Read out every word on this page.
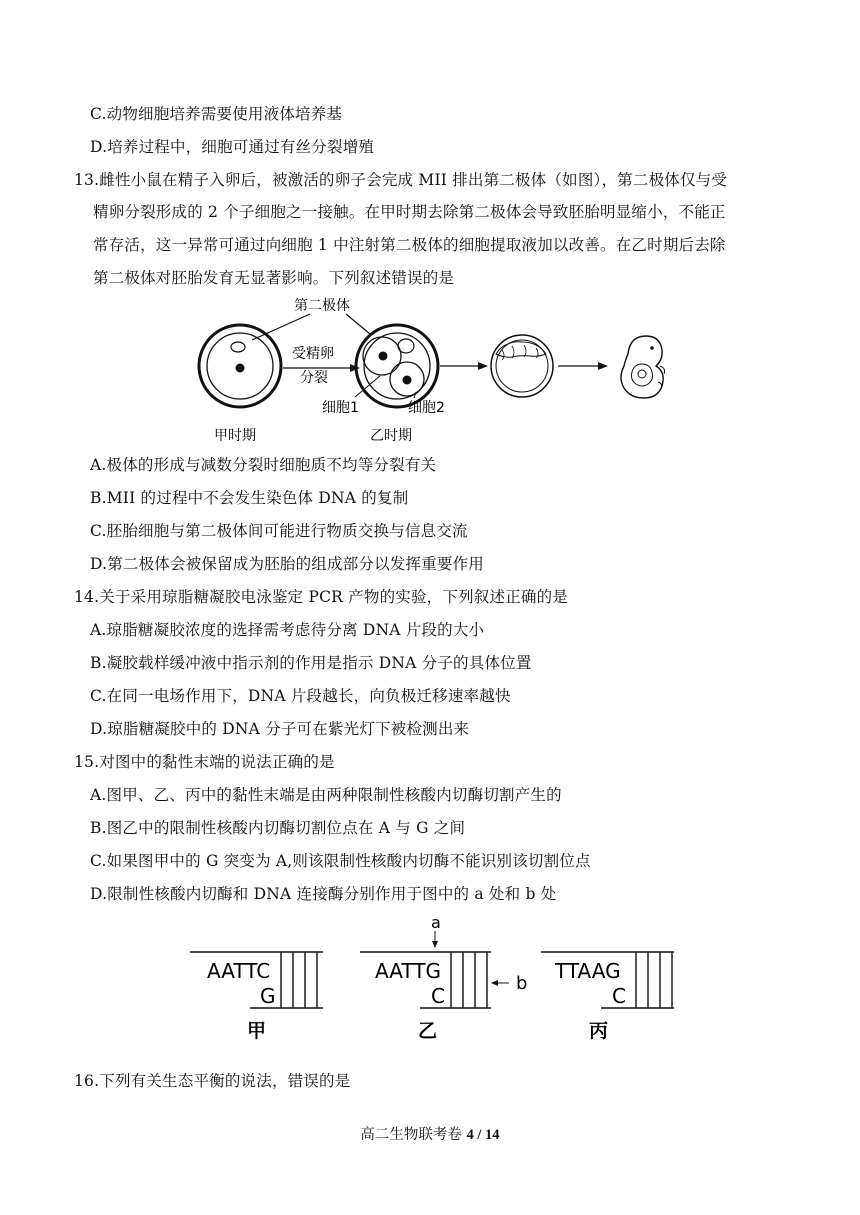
C.动物细胞培养需要使用液体培养基
D.培养过程中，细胞可通过有丝分裂增殖
13.雌性小鼠在精子入卵后，被激活的卵子会完成 MII 排出第二极体（如图），第二极体仅与受
精卵分裂形成的 2 个子细胞之一接触。在甲时期去除第二极体会导致胚胎明显缩小，不能正
常存活，这一异常可通过向细胞 1 中注射第二极体的细胞提取液加以改善。在乙时期后去除
第二极体对胚胎发育无显著影响。下列叙述错误的是
第二极体
受精卵
分裂
细胞1	细胞2
甲时期	乙时期
A.极体的形成与减数分裂时细胞质不均等分裂有关
B.MII 的过程中不会发生染色体 DNA 的复制
C.胚胎细胞与第二极体间可能进行物质交换与信息交流
D.第二极体会被保留成为胚胎的组成部分以发挥重要作用
14.关于采用琼脂糖凝胶电泳鉴定 PCR 产物的实验，下列叙述正确的是
A.琼脂糖凝胶浓度的选择需考虑待分离 DNA 片段的大小
B.凝胶载样缓冲液中指示剂的作用是指示 DNA 分子的具体位置
C.在同一电场作用下，DNA 片段越长，向负极迁移速率越快
D.琼脂糖凝胶中的 DNA 分子可在紫光灯下被检测出来
15.对图中的黏性末端的说法正确的是
A.图甲、乙、丙中的黏性末端是由两种限制性核酸内切酶切割产生的
B.图乙中的限制性核酸内切酶切割位点在 A 与 G 之间
C.如果图甲中的 G 突变为 A,则该限制性核酸内切酶不能识别该切割位点
D.限制性核酸内切酶和 DNA 连接酶分别作用于图中的 a 处和 b 处
AATTC
G
甲
AATTG
C
乙
a
b
TTAAG
C
丙
16.下列有关生态平衡的说法，错误的是
高二生物联考卷 4 / 14
